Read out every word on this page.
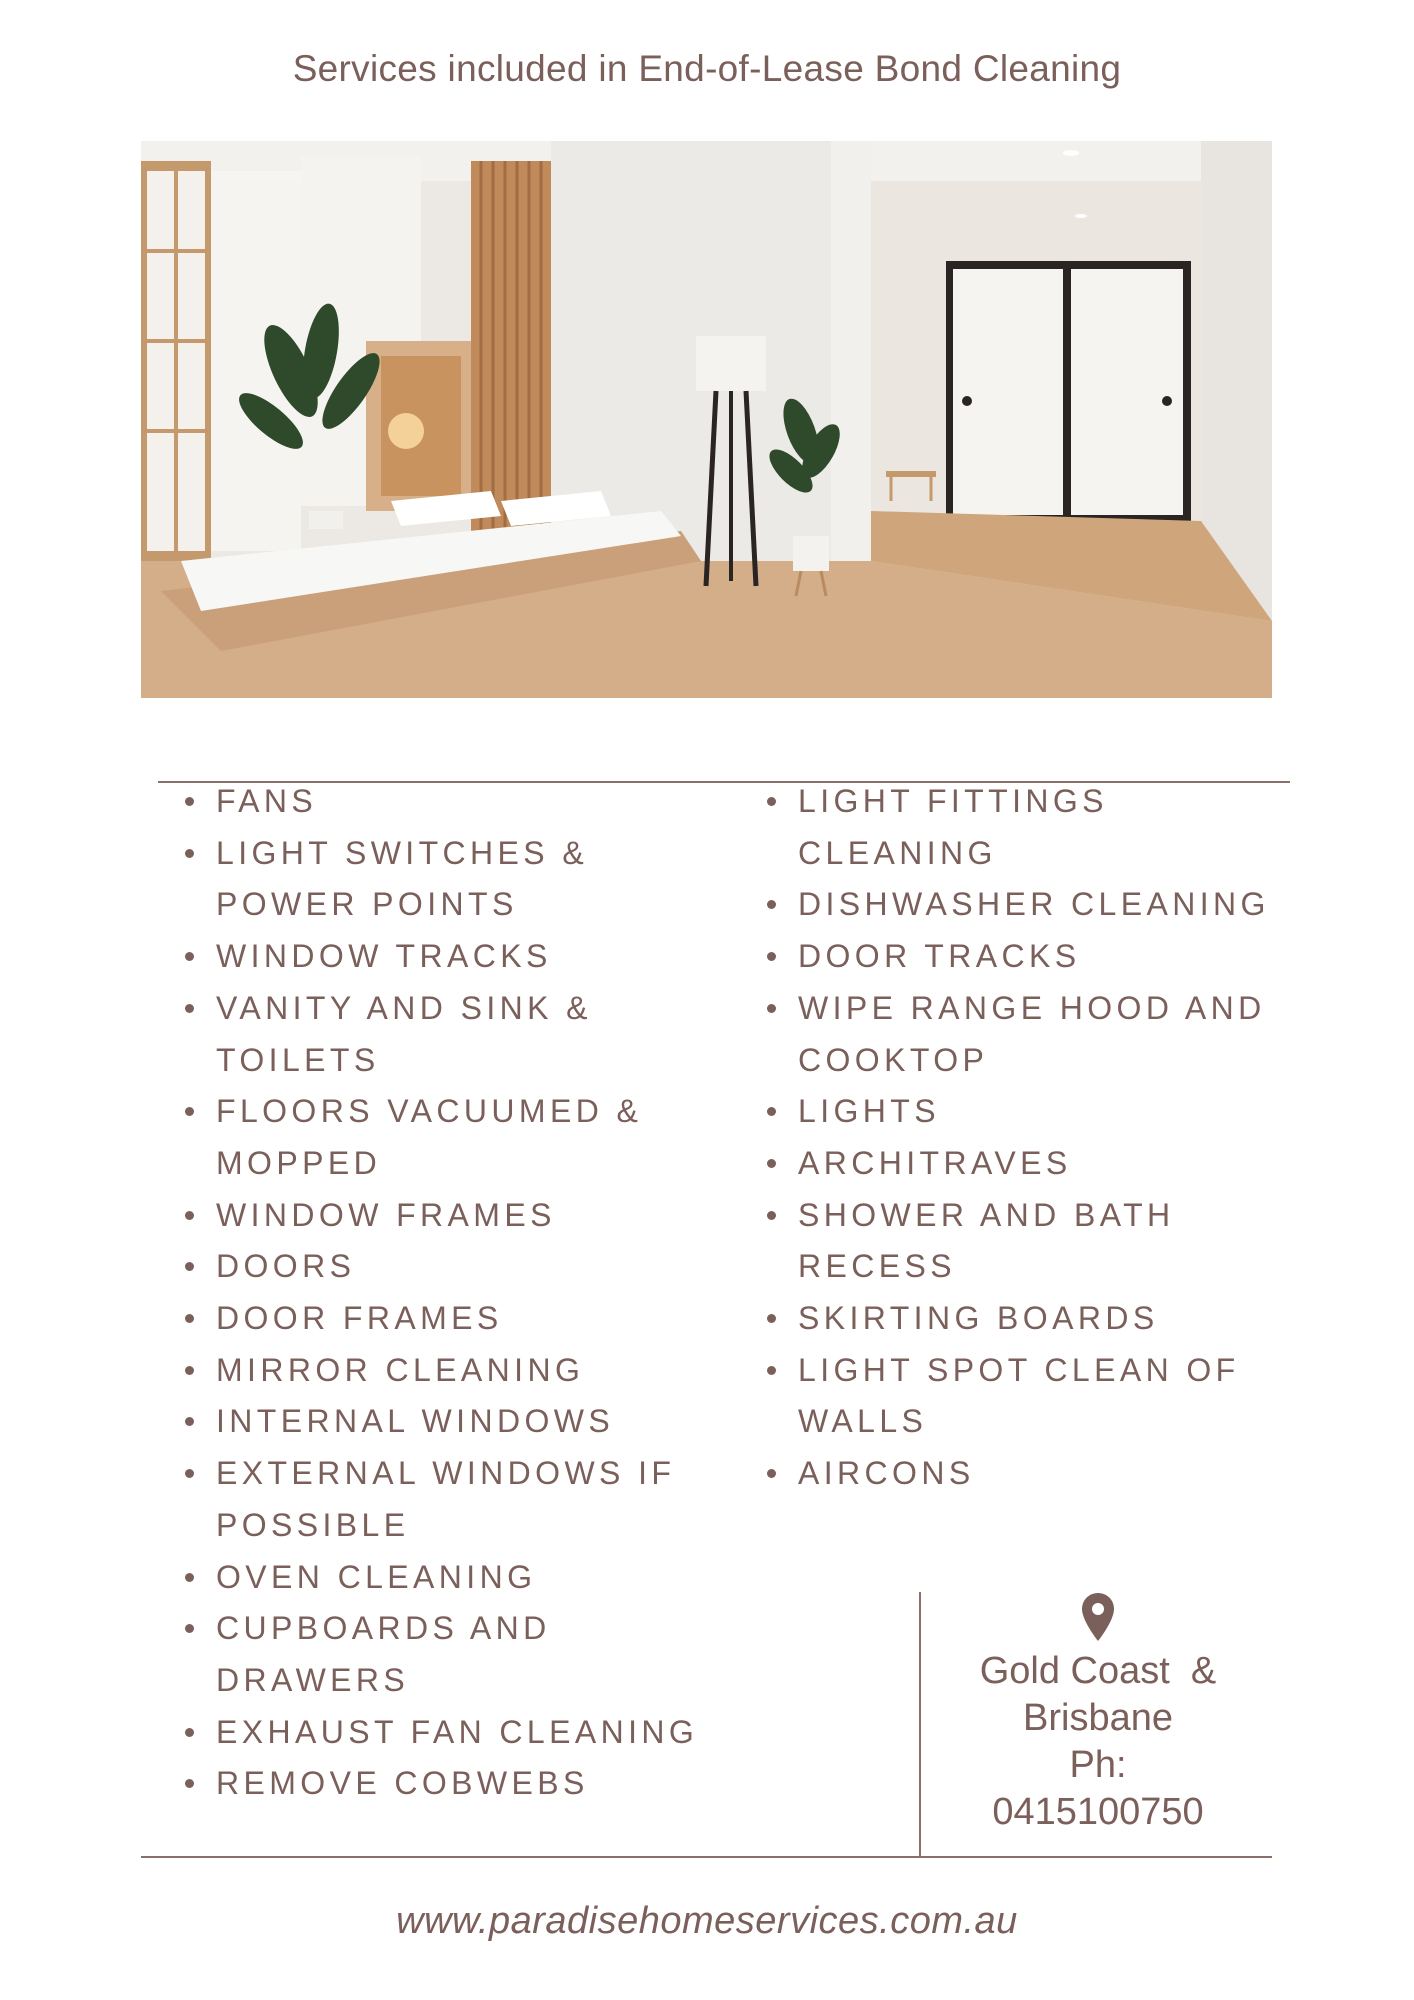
Services included in End-of-Lease Bond Cleaning
FANS
LIGHT SWITCHES & POWER POINTS
WINDOW TRACKS
VANITY AND SINK & TOILETS
FLOORS VACUUMED & MOPPED
WINDOW FRAMES
DOORS
DOOR FRAMES
MIRROR CLEANING
INTERNAL WINDOWS
EXTERNAL WINDOWS IF POSSIBLE
OVEN CLEANING
CUPBOARDS AND DRAWERS
EXHAUST FAN CLEANING
REMOVE COBWEBS
LIGHT FITTINGS CLEANING
DISHWASHER CLEANING
DOOR TRACKS
WIPE RANGE HOOD AND COOKTOP
LIGHTS
ARCHITRAVES
SHOWER AND BATH RECESS
SKIRTING BOARDS
LIGHT SPOT CLEAN OF WALLS
AIRCONS
Gold Coast  &
Brisbane
Ph:
0415100750
www.paradisehomeservices.com.au
